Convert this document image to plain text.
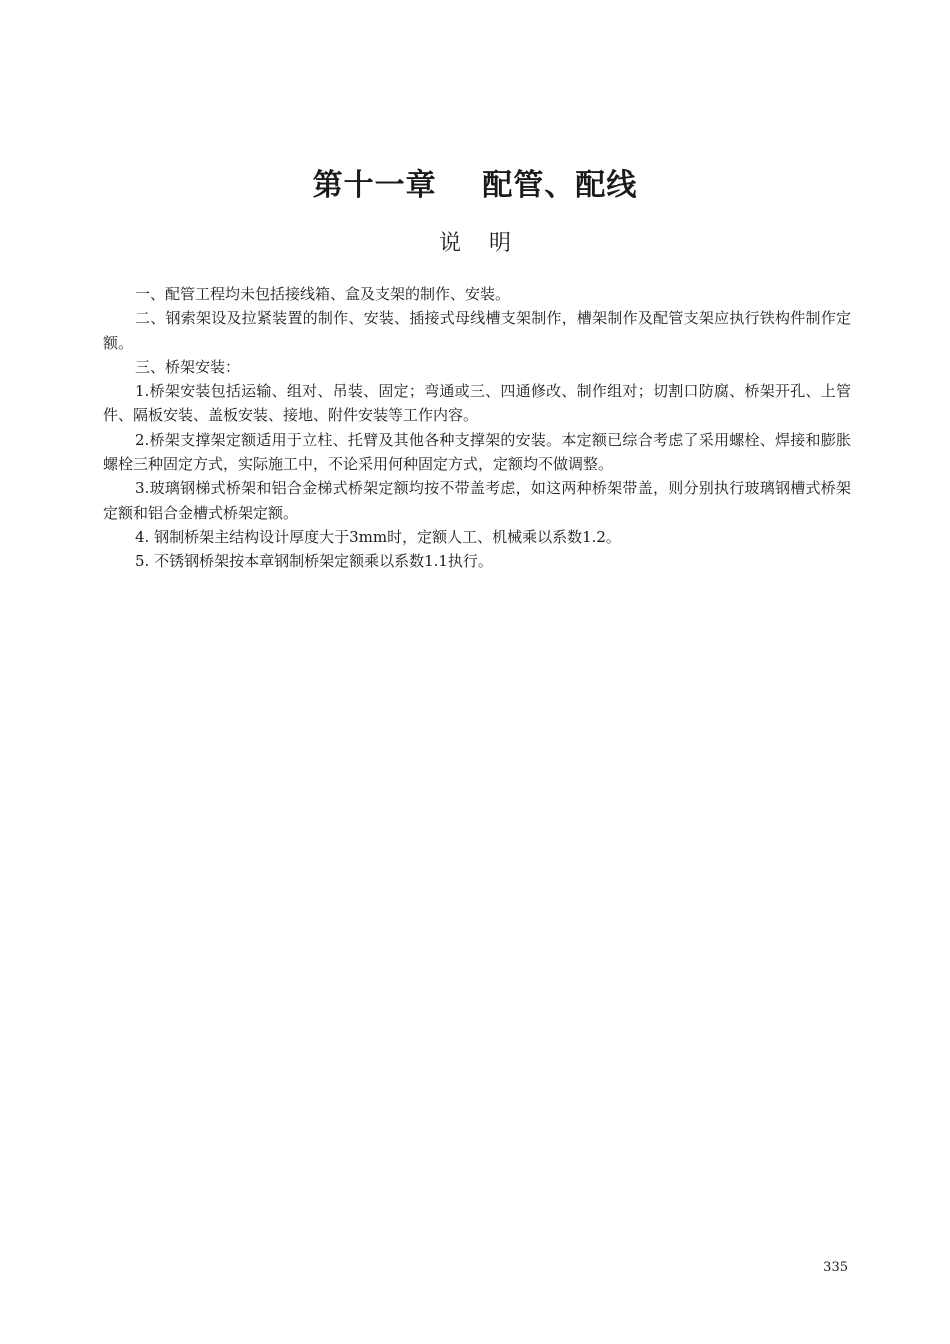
第十一章    配管、配线
说    明

一、配管工程均未包括接线箱、盒及支架的制作、安装。

二、钢索架设及拉紧装置的制作、安装、插接式母线槽支架制作，槽架制作及配管支架应执行铁构件制作定额。

三、桥架安装：

1.桥架安装包括运输、组对、吊装、固定；弯通或三、四通修改、制作组对；切割口防腐、桥架开孔、上管件、隔板安装、盖板安装、接地、附件安装等工作内容。

2.桥架支撑架定额适用于立柱、托臂及其他各种支撑架的安装。本定额已综合考虑了采用螺栓、焊接和膨胀螺栓三种固定方式，实际施工中，不论采用何种固定方式，定额均不做调整。

3.玻璃钢梯式桥架和铝合金梯式桥架定额均按不带盖考虑，如这两种桥架带盖，则分别执行玻璃钢槽式桥架定额和铝合金槽式桥架定额。

4. 钢制桥架主结构设计厚度大于3mm时，定额人工、机械乘以系数1.2。

5. 不锈钢桥架按本章钢制桥架定额乘以系数1.1执行。

335
